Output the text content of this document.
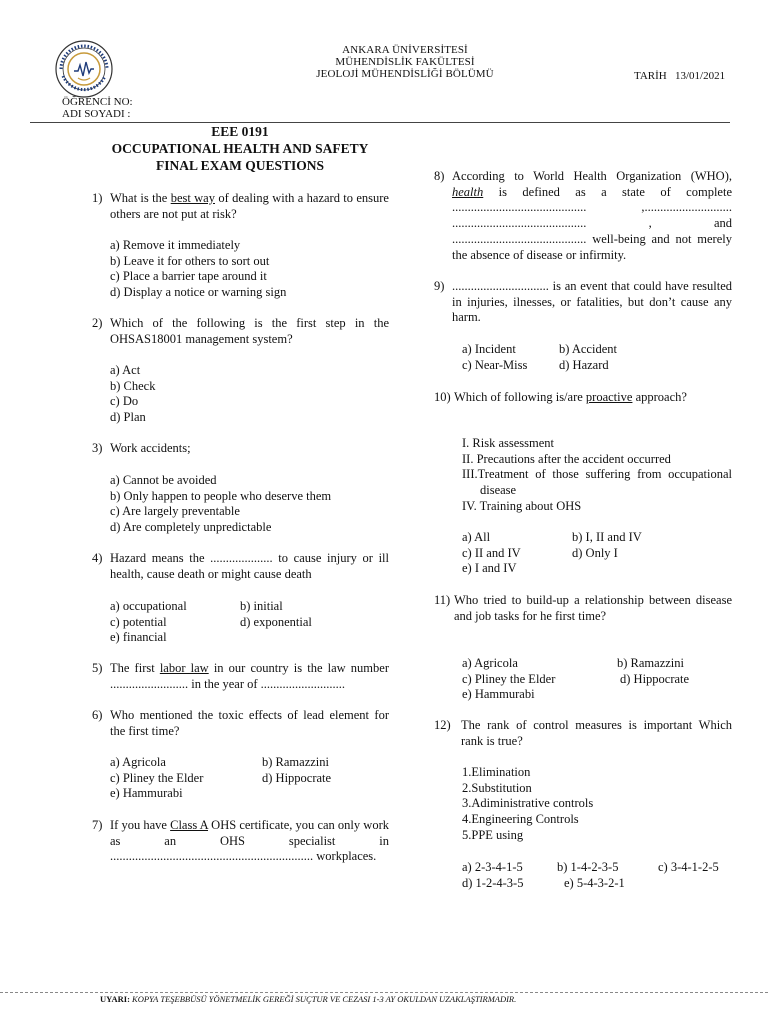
ANKARA ÜNİVERSİTESİ
MÜHENDİSLİK FAKÜLTESİ
JEOLOJİ MÜHENDİSLİĞİ BÖLÜMÜ	TARİH 13/01/2021
ÖĞRENCİ NO:
ADI SOYADI :
EEE 0191
OCCUPATIONAL HEALTH AND SAFETY
FINAL EXAM QUESTIONS
1) What is the best way of dealing with a hazard to ensure others are not put at risk?
a) Remove it immediately
b) Leave it for others to sort out
c) Place a barrier tape around it
d) Display a notice or warning sign
2) Which of the following is the first step in the OHSAS18001 management system?
a) Act
b) Check
c) Do
d) Plan
3) Work accidents;
a) Cannot be avoided
b) Only happen to people who deserve them
c) Are largely preventable
d) Are completely unpredictable
4) Hazard means the .................... to cause injury or ill health, cause death or might cause death
a) occupational	b) initial
c) potential	d) exponential
e) financial
5) The first labor law in our country is the law number ......................... in the year of ...........................
6) Who mentioned the toxic effects of lead element for the first time?
a) Agricola	b) Ramazzini
c) Pliney the Elder	d) Hippocrate
e) Hammurabi
7) If you have Class A OHS certificate, you can only work as an OHS specialist in ................................................................. workplaces.
8) According to World Health Organization (WHO), health is defined as a state of complete ........................................... ,............................ ........................................... , and ........................................... well-being and not merely the absence of disease or infirmity.
9) ............................... is an event that could have resulted in injuries, ilnesses, or fatalities, but don’t cause any harm.
a) Incident	b) Accident
c) Near-Miss	d) Hazard
10) Which of following is/are proactive approach?
I. Risk assessment
II. Precautions after the accident occurred
III.Treatment of those suffering from occupational disease
IV. Training about OHS
a) All	b) I, II and IV
c) II and IV	d) Only I
e) I and IV
11) Who tried to build-up a relationship between disease and job tasks for he first time?
a) Agricola	b) Ramazzini
c) Pliney the Elder	d) Hippocrate
e) Hammurabi
12) The rank of control measures is important Which rank is true?
1.Elimination
2.Substitution
3.Adiministrative controls
4.Engineering Controls
5.PPE using
a) 2-3-4-1-5	b) 1-4-2-3-5	c) 3-4-1-2-5
d) 1-2-4-3-5	e) 5-4-3-2-1
UYARI: KOPYA TEŞEBBÜSÜ YÖNETMELİK GEREĞİ SUÇTUR VE CEZASI 1-3 AY OKULDAN UZAKLAŞTIRMADIR.
